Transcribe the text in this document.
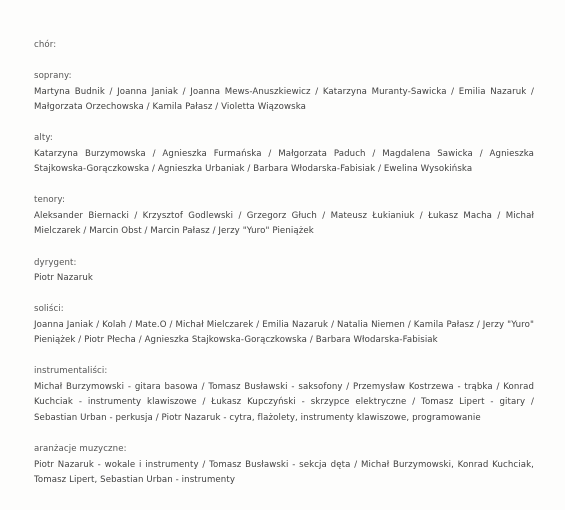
chór:
soprany:
Martyna Budnik / Joanna Janiak / Joanna Mews-Anuszkiewicz / Katarzyna Muranty-Sawicka / Emilia Nazaruk / Małgorzata Orzechowska / Kamila Pałasz / Violetta Wiązowska
alty:
Katarzyna Burzymowska / Agnieszka Furmańska / Małgorzata Paduch / Magdalena Sawicka / Agnieszka Stajkowska-Gorączkowska / Agnieszka Urbaniak / Barbara Włodarska-Fabisiak / Ewelina Wysokińska
tenory:
Aleksander Biernacki / Krzysztof Godlewski / Grzegorz Głuch / Mateusz Łukianiuk / Łukasz Macha / Michał Mielczarek / Marcin Obst / Marcin Pałasz / Jerzy "Yuro" Pieniążek
dyrygent:
Piotr Nazaruk
soliści:
Joanna Janiak / Kolah / Mate.O / Michał Mielczarek / Emilia Nazaruk / Natalia Niemen / Kamila Pałasz / Jerzy "Yuro" Pieniążek / Piotr Płecha / Agnieszka Stajkowska-Gorączkowska / Barbara Włodarska-Fabisiak
instrumentaliści:
Michał Burzymowski - gitara basowa / Tomasz Busławski - saksofony / Przemysław Kostrzewa - trąbka / Konrad Kuchciak - instrumenty klawiszowe / Łukasz Kupczyński - skrzypce elektryczne / Tomasz Lipert - gitary / Sebastian Urban - perkusja / Piotr Nazaruk - cytra, flażolety, instrumenty klawiszowe, programowanie
aranżacje muzyczne:
Piotr Nazaruk - wokale i instrumenty / Tomasz Busławski - sekcja dęta / Michał Burzymowski, Konrad Kuchciak, Tomasz Lipert, Sebastian Urban - instrumenty
